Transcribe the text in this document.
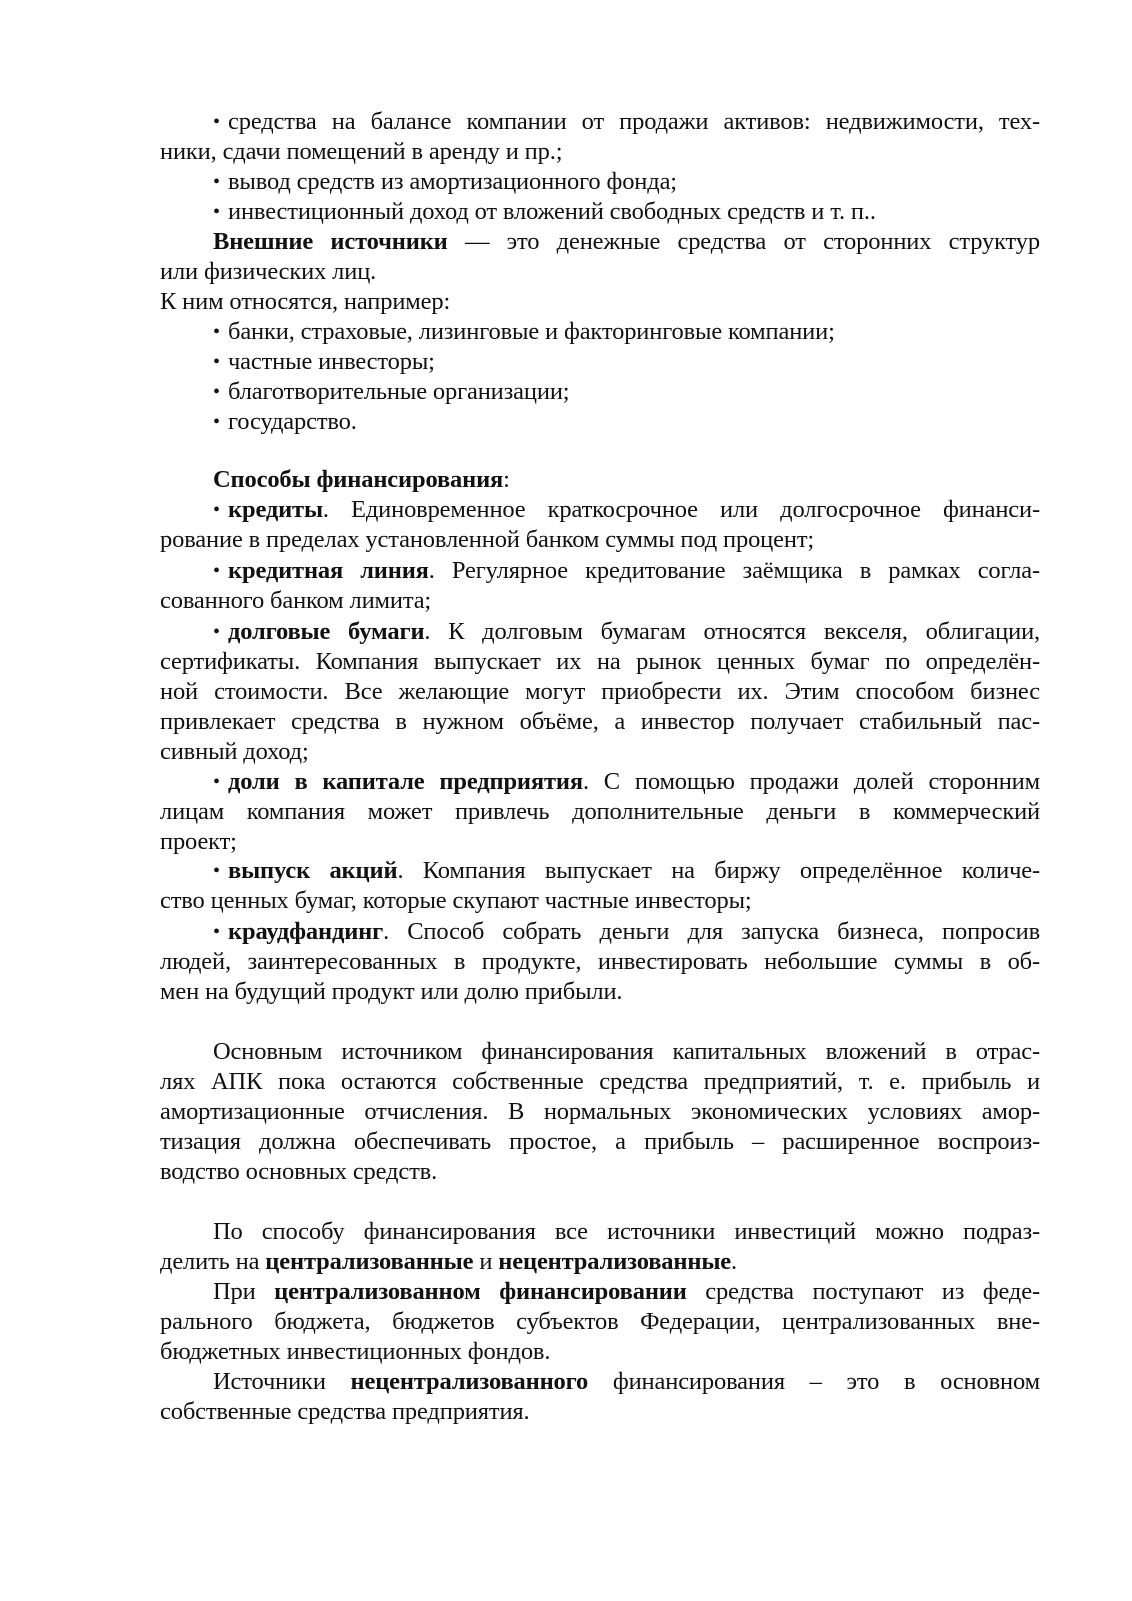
• средства на балансе компании от продажи активов: недвижимости, тех-
ники, сдачи помещений в аренду и пр.;
• вывод средств из амортизационного фонда;
• инвестиционный доход от вложений свободных средств и т. п..
Внешние источники — это денежные средства от сторонних структур
или физических лиц.
К ним относятся, например:
• банки, страховые, лизинговые и факторинговые компании;
• частные инвесторы;
• благотворительные организации;
• государство.
Способы финансирования:
• кредиты. Единовременное краткосрочное или долгосрочное финанси-
рование в пределах установленной банком суммы под процент;
• кредитная линия. Регулярное кредитование заёмщика в рамках согла-
сованного банком лимита;
• долговые бумаги. К долговым бумагам относятся векселя, облигации,
сертификаты. Компания выпускает их на рынок ценных бумаг по определён-
ной стоимости. Все желающие могут приобрести их. Этим способом бизнес
привлекает средства в нужном объёме, а инвестор получает стабильный пас-
сивный доход;
• доли в капитале предприятия. С помощью продажи долей сторонним
лицам компания может привлечь дополнительные деньги в коммерческий
проект;
• выпуск акций. Компания выпускает на биржу определённое количе-
ство ценных бумаг, которые скупают частные инвесторы;
• краудфандинг. Способ собрать деньги для запуска бизнеса, попросив
людей, заинтересованных в продукте, инвестировать небольшие суммы в об-
мен на будущий продукт или долю прибыли.
Основным источником финансирования капитальных вложений в отрас-
лях АПК пока остаются собственные средства предприятий, т. е. прибыль и
амортизационные отчисления. В нормальных экономических условиях амор-
тизация должна обеспечивать простое, а прибыль – расширенное воспроиз-
водство основных средств.
По способу финансирования все источники инвестиций можно подраз-
делить на централизованные и нецентрализованные.
При централизованном финансировании средства поступают из феде-
рального бюджета, бюджетов субъектов Федерации, централизованных вне-
бюджетных инвестиционных фондов.
Источники нецентрализованного финансирования – это в основном
собственные средства предприятия.
